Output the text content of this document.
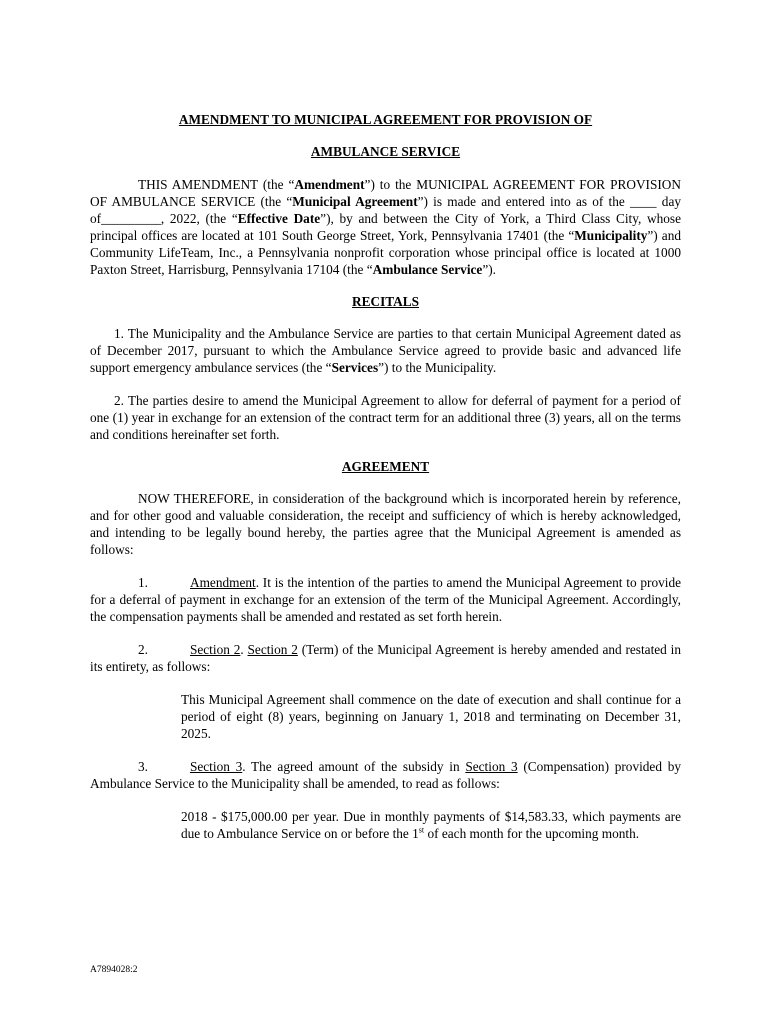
AMENDMENT TO MUNICIPAL AGREEMENT FOR PROVISION OF

AMBULANCE SERVICE

THIS AMENDMENT (the “Amendment”) to the MUNICIPAL AGREEMENT FOR PROVISION OF AMBULANCE SERVICE (the “Municipal Agreement”) is made and entered into as of the ____ day of_________, 2022, (the “Effective Date”), by and between the City of York, a Third Class City, whose principal offices are located at 101 South George Street, York, Pennsylvania 17401 (the “Municipality”) and Community LifeTeam, Inc., a Pennsylvania nonprofit corporation whose principal office is located at 1000 Paxton Street, Harrisburg, Pennsylvania 17104 (the “Ambulance Service”).

RECITALS

1. The Municipality and the Ambulance Service are parties to that certain Municipal Agreement dated as of December 2017, pursuant to which the Ambulance Service agreed to provide basic and advanced life support emergency ambulance services (the “Services”) to the Municipality.

2. The parties desire to amend the Municipal Agreement to allow for deferral of payment for a period of one (1) year in exchange for an extension of the contract term for an additional three (3) years, all on the terms and conditions hereinafter set forth.

AGREEMENT

NOW THEREFORE, in consideration of the background which is incorporated herein by reference, and for other good and valuable consideration, the receipt and sufficiency of which is hereby acknowledged, and intending to be legally bound hereby, the parties agree that the Municipal Agreement is amended as follows:

1.	Amendment. It is the intention of the parties to amend the Municipal Agreement to provide for a deferral of payment in exchange for an extension of the term of the Municipal Agreement. Accordingly, the compensation payments shall be amended and restated as set forth herein.

2.	Section 2. Section 2 (Term) of the Municipal Agreement is hereby amended and restated in its entirety, as follows:

This Municipal Agreement shall commence on the date of execution and shall continue for a period of eight (8) years, beginning on January 1, 2018 and terminating on December 31, 2025.

3.	Section 3. The agreed amount of the subsidy in Section 3 (Compensation) provided by Ambulance Service to the Municipality shall be amended, to read as follows:

2018 - $175,000.00 per year. Due in monthly payments of $14,583.33, which payments are due to Ambulance Service on or before the 1st of each month for the upcoming month.

A7894028:2
